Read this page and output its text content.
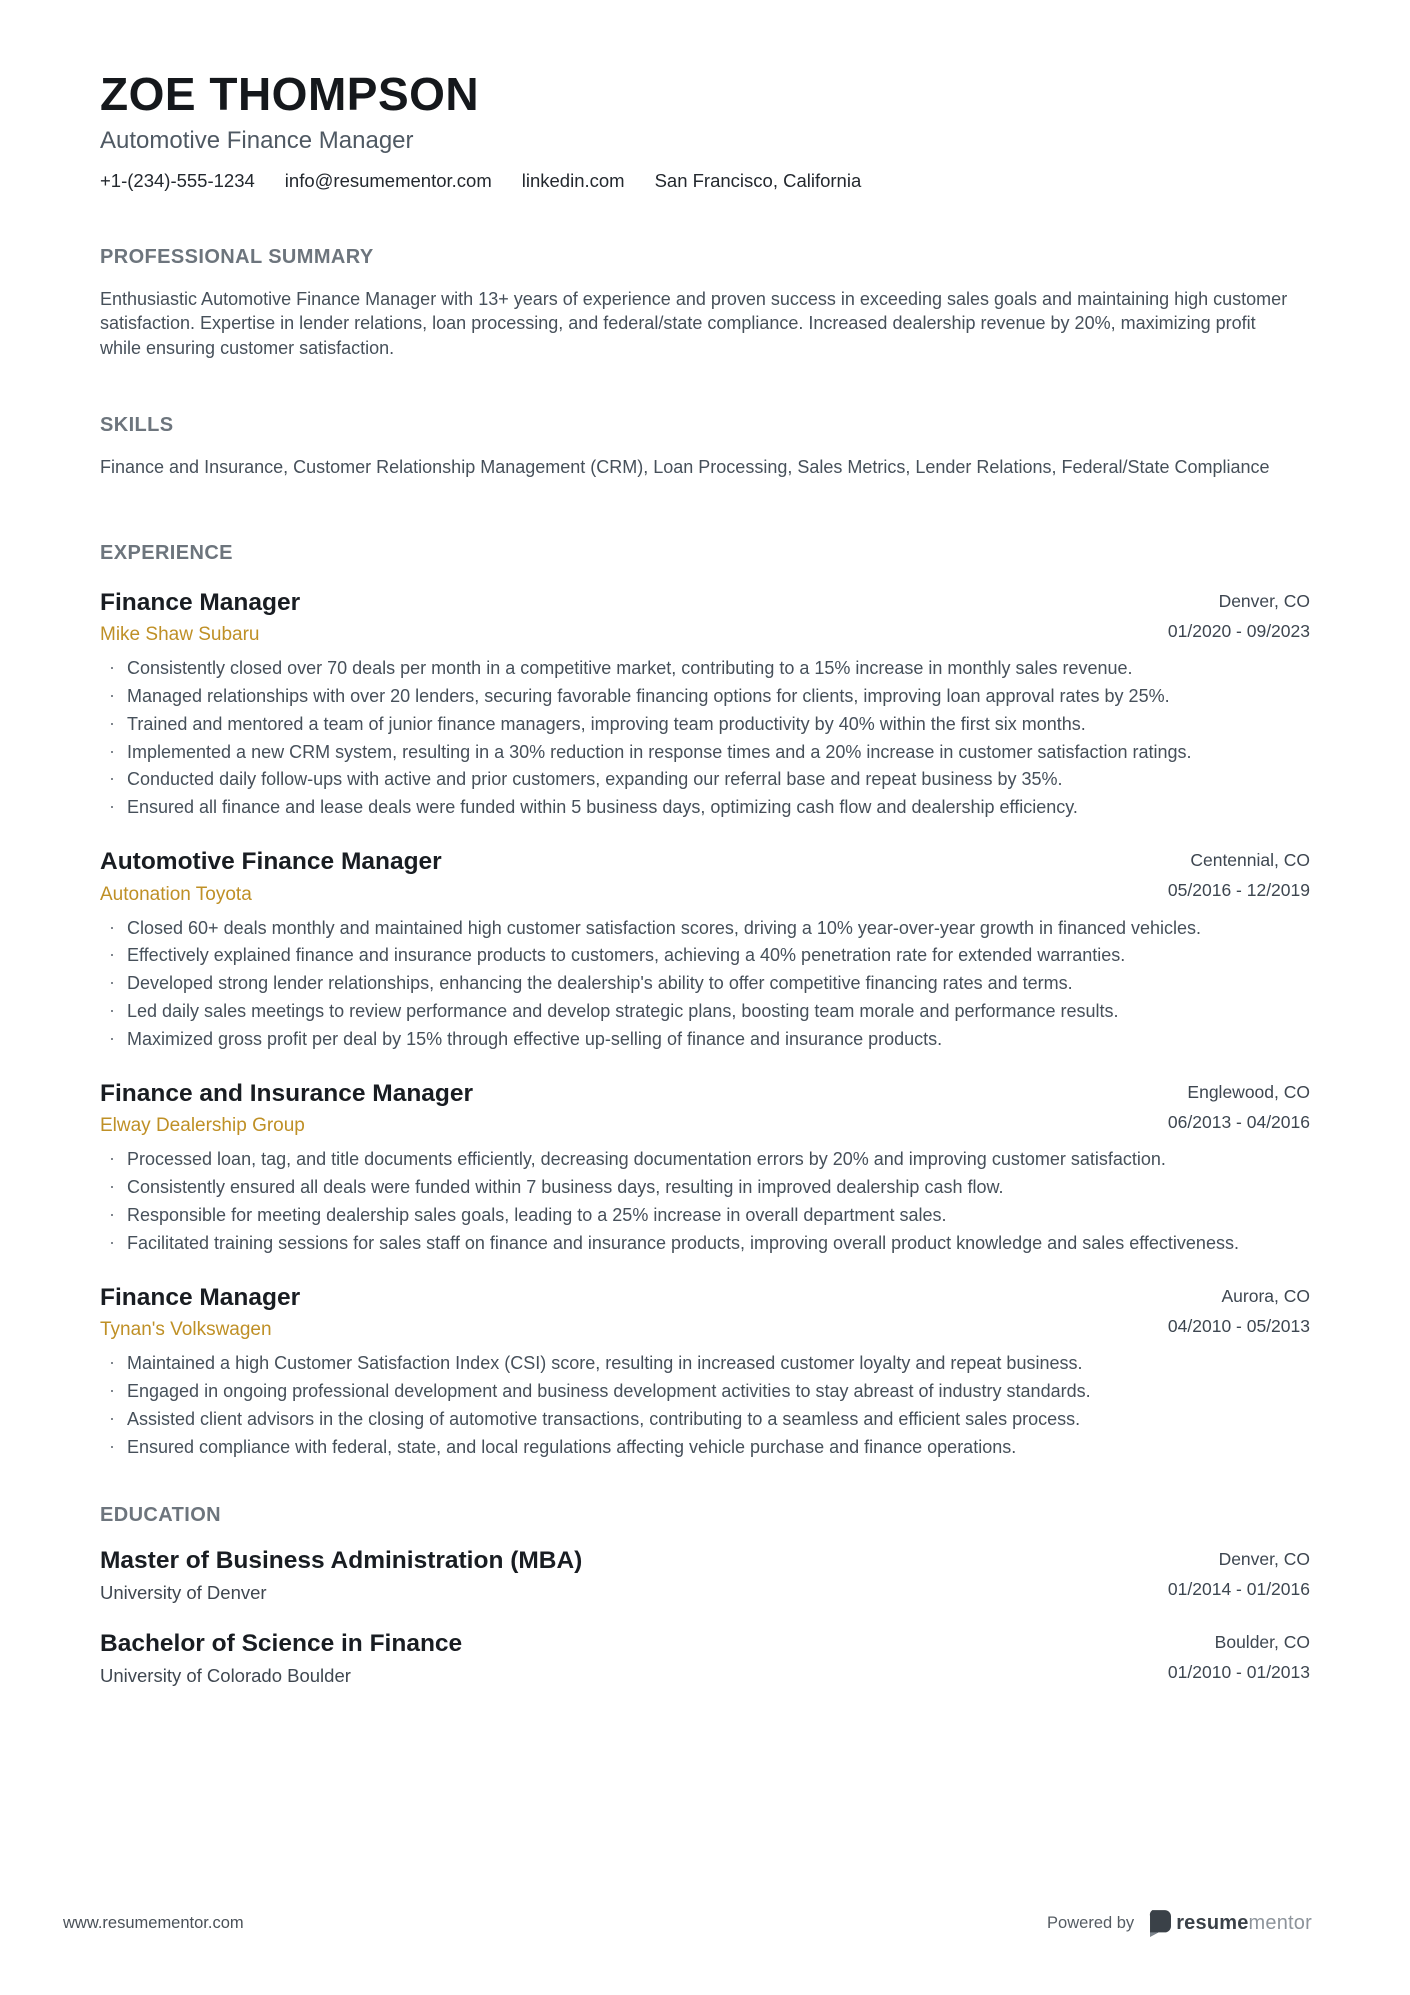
ZOE THOMPSON
Automotive Finance Manager
+1-(234)-555-1234 info@resumementor.com linkedin.com San Francisco, California
PROFESSIONAL SUMMARY
Enthusiastic Automotive Finance Manager with 13+ years of experience and proven success in exceeding sales goals and maintaining high customer satisfaction. Expertise in lender relations, loan processing, and federal/state compliance. Increased dealership revenue by 20%, maximizing profit while ensuring customer satisfaction.
SKILLS
Finance and Insurance, Customer Relationship Management (CRM), Loan Processing, Sales Metrics, Lender Relations, Federal/State Compliance
EXPERIENCE
Finance Manager
Mike Shaw Subaru
Denver, CO
01/2020 - 09/2023
· Consistently closed over 70 deals per month in a competitive market, contributing to a 15% increase in monthly sales revenue.
· Managed relationships with over 20 lenders, securing favorable financing options for clients, improving loan approval rates by 25%.
· Trained and mentored a team of junior finance managers, improving team productivity by 40% within the first six months.
· Implemented a new CRM system, resulting in a 30% reduction in response times and a 20% increase in customer satisfaction ratings.
· Conducted daily follow-ups with active and prior customers, expanding our referral base and repeat business by 35%.
· Ensured all finance and lease deals were funded within 5 business days, optimizing cash flow and dealership efficiency.
Automotive Finance Manager
Autonation Toyota
Centennial, CO
05/2016 - 12/2019
· Closed 60+ deals monthly and maintained high customer satisfaction scores, driving a 10% year-over-year growth in financed vehicles.
· Effectively explained finance and insurance products to customers, achieving a 40% penetration rate for extended warranties.
· Developed strong lender relationships, enhancing the dealership's ability to offer competitive financing rates and terms.
· Led daily sales meetings to review performance and develop strategic plans, boosting team morale and performance results.
· Maximized gross profit per deal by 15% through effective up-selling of finance and insurance products.
Finance and Insurance Manager
Elway Dealership Group
Englewood, CO
06/2013 - 04/2016
· Processed loan, tag, and title documents efficiently, decreasing documentation errors by 20% and improving customer satisfaction.
· Consistently ensured all deals were funded within 7 business days, resulting in improved dealership cash flow.
· Responsible for meeting dealership sales goals, leading to a 25% increase in overall department sales.
· Facilitated training sessions for sales staff on finance and insurance products, improving overall product knowledge and sales effectiveness.
Finance Manager
Tynan's Volkswagen
Aurora, CO
04/2010 - 05/2013
· Maintained a high Customer Satisfaction Index (CSI) score, resulting in increased customer loyalty and repeat business.
· Engaged in ongoing professional development and business development activities to stay abreast of industry standards.
· Assisted client advisors in the closing of automotive transactions, contributing to a seamless and efficient sales process.
· Ensured compliance with federal, state, and local regulations affecting vehicle purchase and finance operations.
EDUCATION
Master of Business Administration (MBA)
University of Denver
Denver, CO
01/2014 - 01/2016
Bachelor of Science in Finance
University of Colorado Boulder
Boulder, CO
01/2010 - 01/2013
www.resumementor.com	Powered by resumementor
